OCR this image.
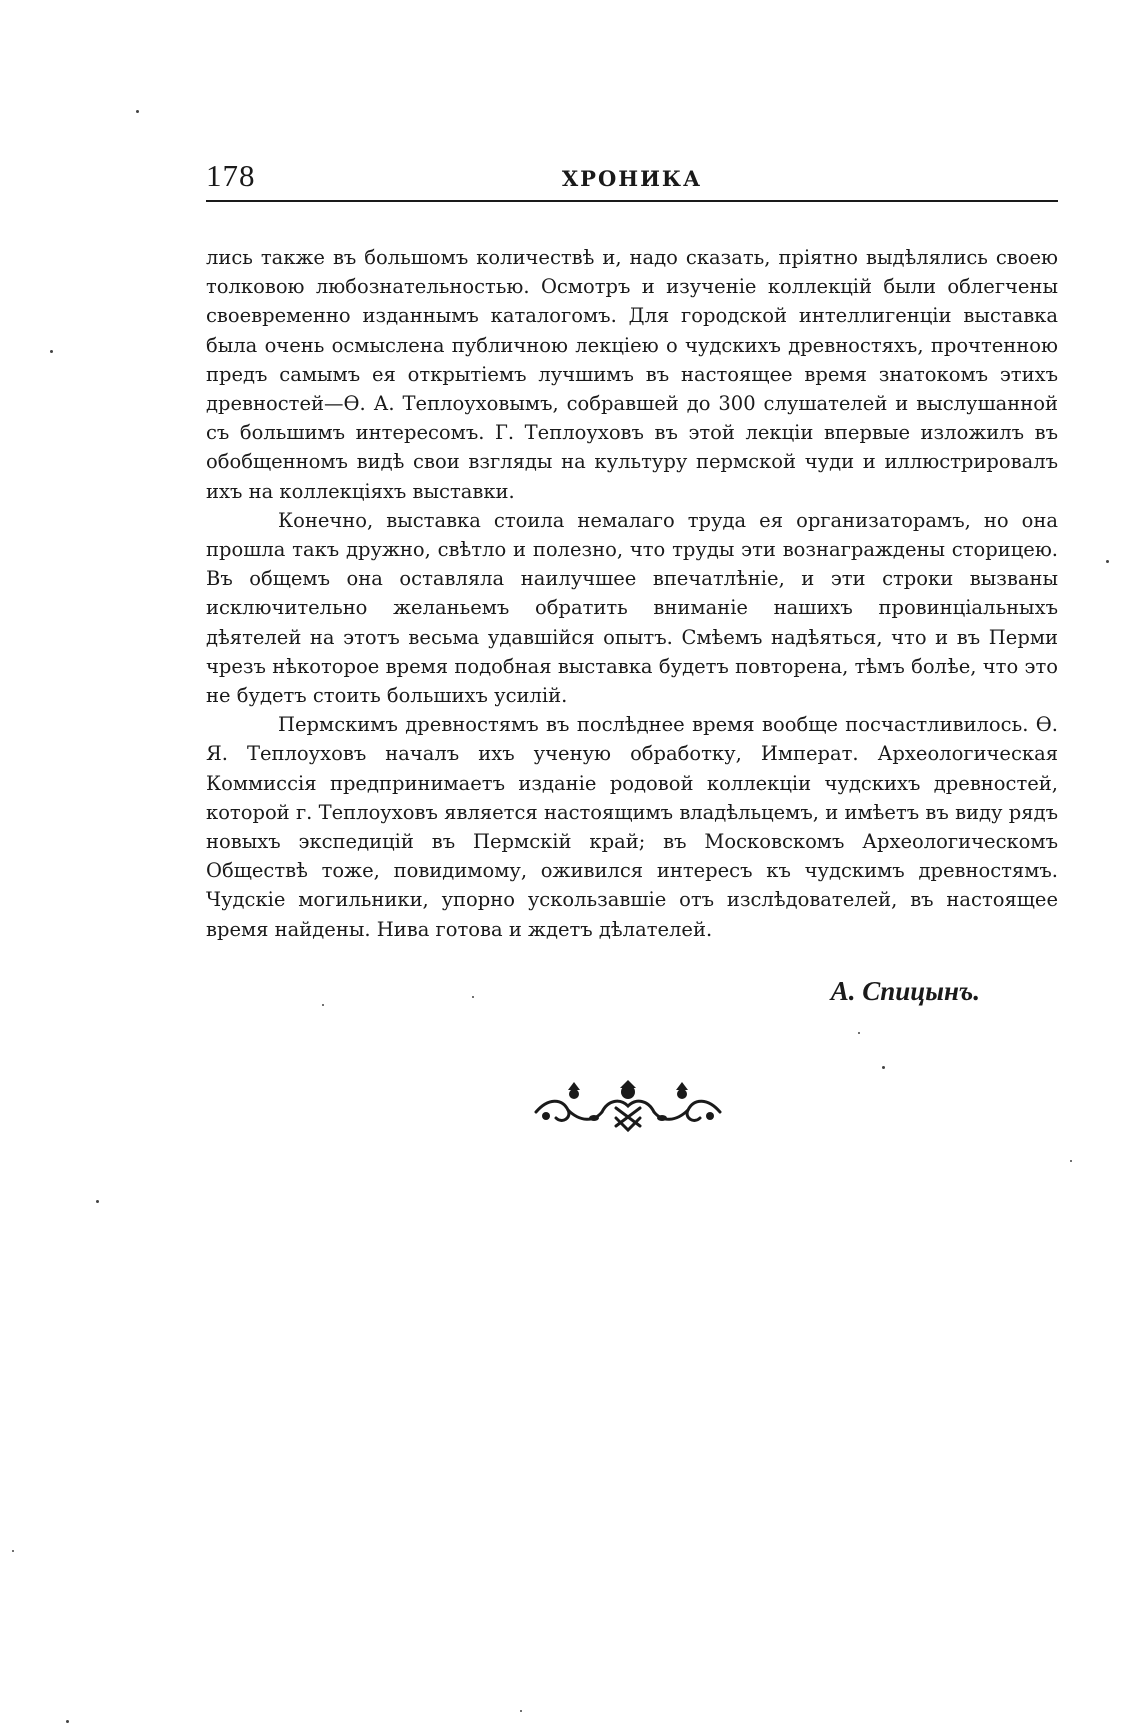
178	ХРОНИКА

лись также въ большомъ количествѣ и, надо сказать, пріятно выдѣлялись своею толковою любознательностью. Осмотръ и изученіе коллекцій были облегчены своевременно изданнымъ каталогомъ. Для городской интеллигенціи выставка была очень осмыслена публичною лекціею о чудскихъ древностяхъ, прочтенною предъ самымъ ея открытіемъ лучшимъ въ настоящее время знатокомъ этихъ древностей—Ѳ. А. Теплоуховымъ, собравшей до 300 слушателей и выслушанной съ большимъ интересомъ. Г. Теплоуховъ въ этой лекціи впервые изложилъ въ обобщенномъ видѣ свои взгляды на культуру пермской чуди и иллюстрировалъ ихъ на коллекціяхъ выставки.

Конечно, выставка стоила немалаго труда ея организаторамъ, но она прошла такъ дружно, свѣтло и полезно, что труды эти вознаграждены сторицею. Въ общемъ она оставляла наилучшее впечатлѣніе, и эти строки вызваны исключительно желаньемъ обратить вниманіе нашихъ провинціальныхъ дѣятелей на этотъ весьма удавшійся опытъ. Смѣемъ надѣяться, что и въ Перми чрезъ нѣкоторое время подобная выставка будетъ повторена, тѣмъ болѣе, что это не будетъ стоить большихъ усилій.

Пермскимъ древностямъ въ послѣднее время вообще посчастливилось. Ѳ. Я. Теплоуховъ началъ ихъ ученую обработку, Императ. Археологическая Коммиссія предпринимаетъ изданіе родовой коллекціи чудскихъ древностей, которой г. Теплоуховъ является настоящимъ владѣльцемъ, и имѣетъ въ виду рядъ новыхъ экспедицій въ Пермскій край; въ Московскомъ Археологическомъ Обществѣ тоже, повидимому, оживился интересъ къ чудскимъ древностямъ. Чудскіе могильники, упорно ускользавшіе отъ изслѣдователей, въ настоящее время найдены. Нива готова и ждетъ дѣлателей.

А. Спицынъ.
